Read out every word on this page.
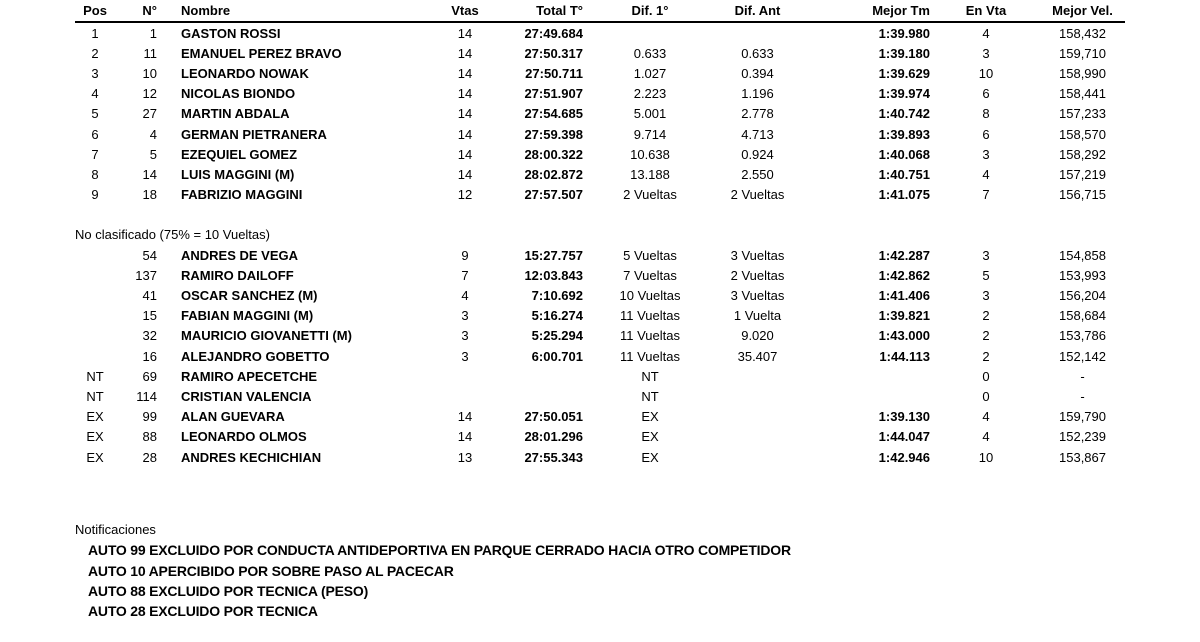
Pos	N°	Nombre	Vtas	Total T°	Dif. 1°	Dif. Ant	Mejor Tm	En Vta	Mejor Vel.
1	1	GASTON ROSSI	14	27:49.684			1:39.980	4	158,432
2	11	EMANUEL PEREZ BRAVO	14	27:50.317	0.633	0.633	1:39.180	3	159,710
3	10	LEONARDO NOWAK	14	27:50.711	1.027	0.394	1:39.629	10	158,990
4	12	NICOLAS BIONDO	14	27:51.907	2.223	1.196	1:39.974	6	158,441
5	27	MARTIN ABDALA	14	27:54.685	5.001	2.778	1:40.742	8	157,233
6	4	GERMAN PIETRANERA	14	27:59.398	9.714	4.713	1:39.893	6	158,570
7	5	EZEQUIEL GOMEZ	14	28:00.322	10.638	0.924	1:40.068	3	158,292
8	14	LUIS MAGGINI (M)	14	28:02.872	13.188	2.550	1:40.751	4	157,219
9	18	FABRIZIO MAGGINI	12	27:57.507	2 Vueltas	2 Vueltas	1:41.075	7	156,715

No clasificado (75% = 10 Vueltas)									
	54	ANDRES DE VEGA	9	15:27.757	5 Vueltas	3 Vueltas	1:42.287	3	154,858
	137	RAMIRO DAILOFF	7	12:03.843	7 Vueltas	2 Vueltas	1:42.862	5	153,993
	41	OSCAR SANCHEZ (M)	4	7:10.692	10 Vueltas	3 Vueltas	1:41.406	3	156,204
	15	FABIAN MAGGINI (M)	3	5:16.274	11 Vueltas	1 Vuelta	1:39.821	2	158,684
	32	MAURICIO GIOVANETTI (M)	3	5:25.294	11 Vueltas	9.020	1:43.000	2	153,786
	16	ALEJANDRO GOBETTO	3	6:00.701	11 Vueltas	35.407	1:44.113	2	152,142
NT	69	RAMIRO APECETCHE			NT			0	-
NT	114	CRISTIAN VALENCIA			NT			0	-
EX	99	ALAN GUEVARA	14	27:50.051	EX		1:39.130	4	159,790
EX	88	LEONARDO OLMOS	14	28:01.296	EX		1:44.047	4	152,239
EX	28	ANDRES KECHICHIAN	13	27:55.343	EX		1:42.946	10	153,867
Notificaciones
AUTO 99 EXCLUIDO POR CONDUCTA ANTIDEPORTIVA EN PARQUE CERRADO HACIA OTRO COMPETIDOR
AUTO 10 APERCIBIDO POR SOBRE PASO AL PACECAR
AUTO 88 EXCLUIDO POR TECNICA (PESO)
AUTO 28 EXCLUIDO POR TECNICA
